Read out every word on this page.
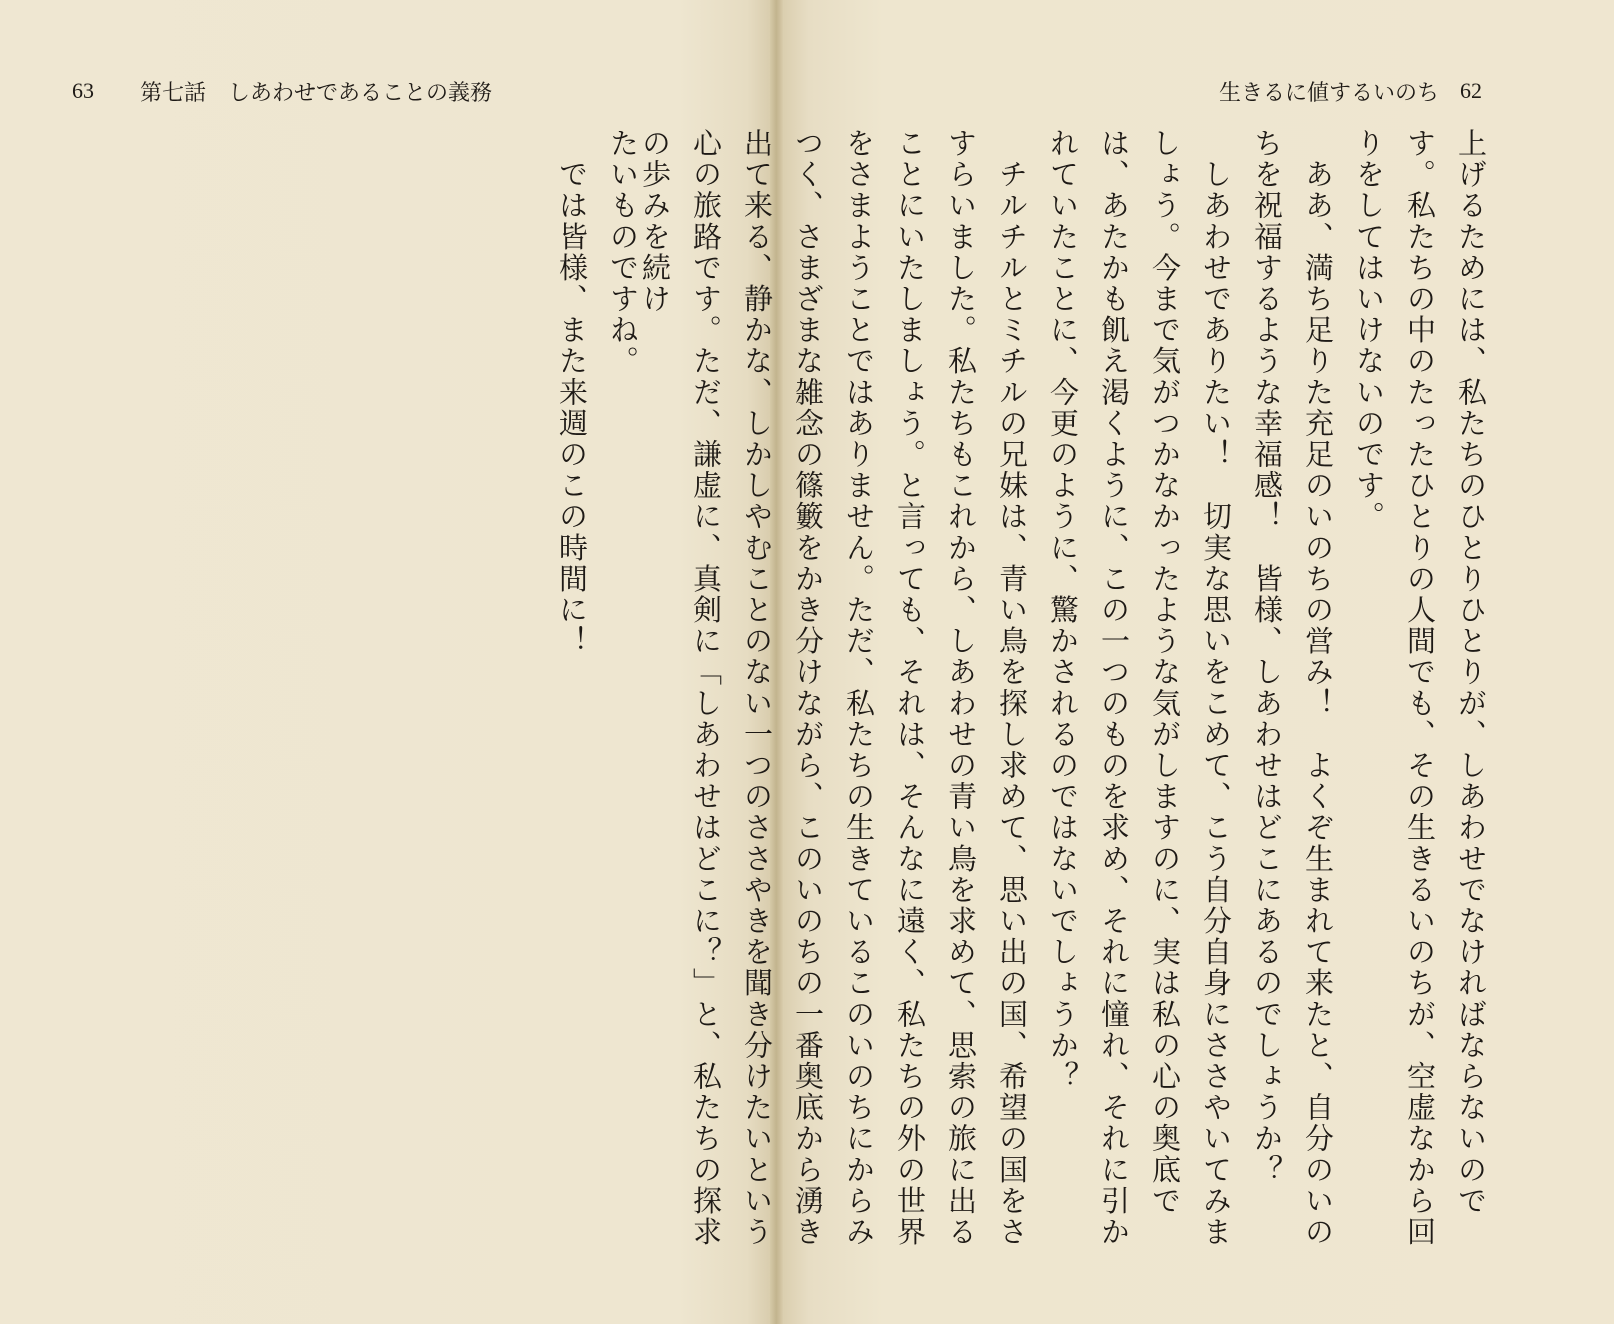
63 第七話　しあわせであることの義務

たいものですね。

　では皆様、また来週のこの時間に！

生きるに値するいのち 62

上げるためには、私たちのひとりひとりが、しあわせでなければならないのです。私たちの中のたったひとりの人間でも、その生きるいのちが、空虚なから回りをしてはいけないのです。

　ああ、満ち足りた充足のいのちの営み！　よくぞ生まれて来たと、自分のいのちを祝福するような幸福感！　皆様、しあわせはどこにあるのでしょうか？

　しあわせでありたい！　切実な思いをこめて、こう自分自身にささやいてみましょう。今まで気がつかなかったような気がしますのに、実は私の心の奥底では、あたかも飢え渇くように、この一つのものを求め、それに憧れ、それに引かれていたことに、今更のように、驚かされるのではないでしょうか？

　チルチルとミチルの兄妹は、青い鳥を探し求めて、思い出の国、希望の国をさすらいました。私たちもこれから、しあわせの青い鳥を求めて、思索の旅に出ることにいたしましょう。と言っても、それは、そんなに遠く、私たちの外の世界をさまようことではありません。ただ、私たちの生きているこのいのちにからみつく、さまざまな雑念の篠籔をかき分けながら、このいのちの一番奥底から湧き出て来る、静かな、しかしやむことのない一つのささやきを聞き分けたいという心の旅路です。ただ、謙虚に、真剣に「しあわせはどこに？」と、私たちの探求の歩みを続け
